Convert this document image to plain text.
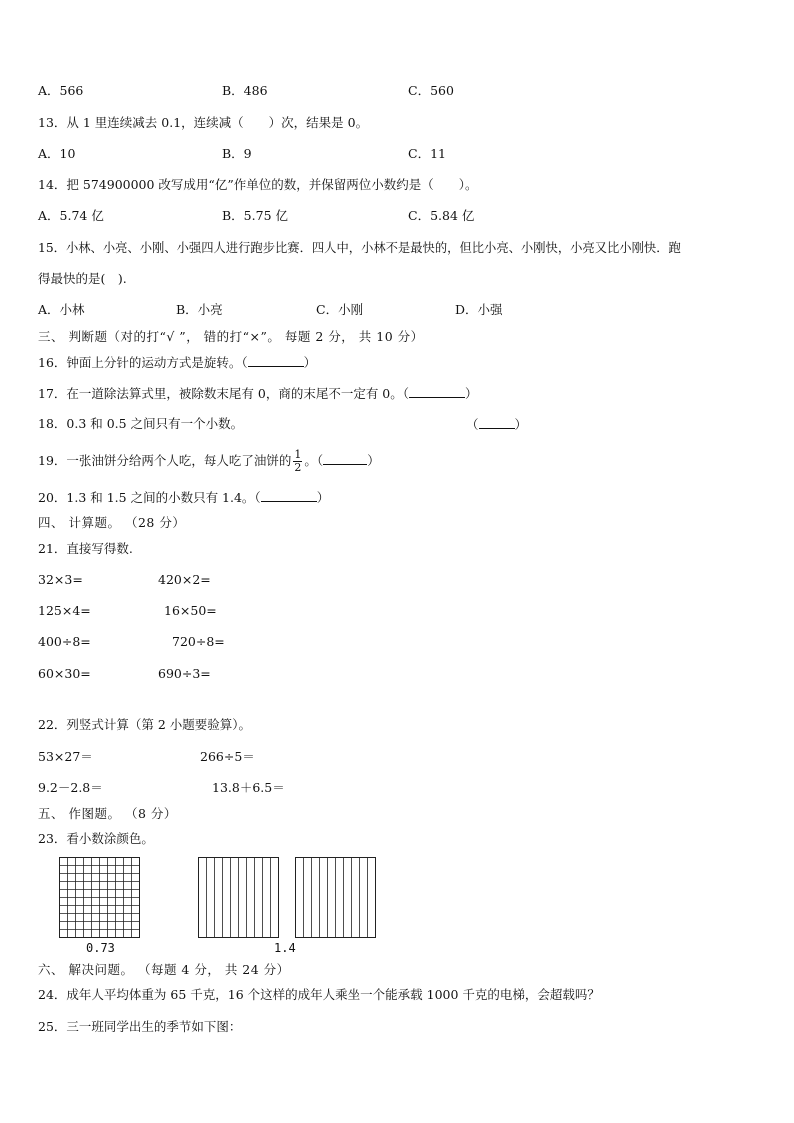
A．566	B．486	C．560
13．从 1 里连续减去 0.1，连续减（　　）次，结果是 0。
A．10	B．9	C．11
14．把 574900000 改写成用“亿”作单位的数，并保留两位小数约是（　　）。
A．5.74 亿	B．5.75 亿	C．5.84 亿
15．小林、小亮、小刚、小强四人进行跑步比赛．四人中，小林不是最快的，但比小亮、小刚快，小亮又比小刚快．跑
得最快的是(　).
A．小林	B．小亮	C．小刚	D．小强
三、 判断题（对的打“√ ”， 错的打“×”。 每题 2 分， 共 10 分）
16．钟面上分针的运动方式是旋转。（	）
17．在一道除法算式里，被除数末尾有 0，商的末尾不一定有 0。（	）
18．0.3 和 0.5 之间只有一个小数。	（	）
19．一张油饼分给两个人吃，每人吃了油饼的 $\frac{1}{2}$ 。（	）
20．1.3 和 1.5 之间的小数只有 1.4。（	）
四、 计算题。 （28 分）
21．直接写得数.
32×3=	420×2=
125×4=	16×50=
400÷8=	720÷8=
60×30=	690÷3=
22．列竖式计算（第 2 小题要验算）。
53×27＝	266÷5＝
9.2－2.8＝	13.8＋6.5＝
五、 作图题。 （8 分）
23．看小数涂颜色。
0.73	1.4
六、 解决问题。 （每题 4 分， 共 24 分）
24．成年人平均体重为 65 千克，16 个这样的成年人乘坐一个能承载 1000 千克的电梯，会超载吗？
25．三一班同学出生的季节如下图：
